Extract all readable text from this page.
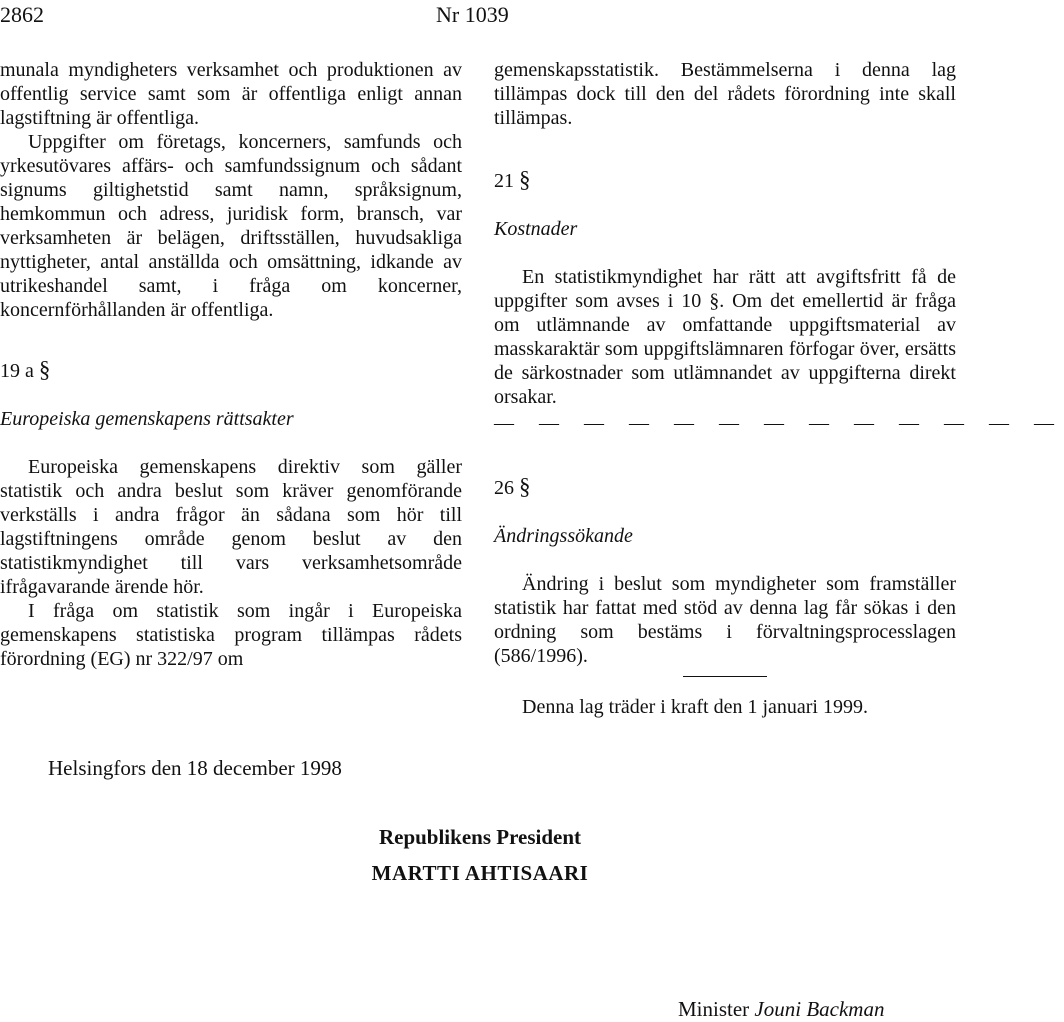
2862	Nr 1039

munala myndigheters verksamhet och produktionen av offentlig service samt som är offentliga enligt annan lagstiftning är offentliga.

Uppgifter om företags, koncerners, samfunds och yrkesutövares affärs- och samfundssignum och sådant signums giltighetstid samt namn, språksignum, hemkommun och adress, juridisk form, bransch, var verksamheten är belägen, driftsställen, huvudsakliga nyttigheter, antal anställda och omsättning, idkande av utrikeshandel samt, i fråga om koncerner, koncernförhållanden är offentliga.

19 a §

Europeiska gemenskapens rättsakter

Europeiska gemenskapens direktiv som gäller statistik och andra beslut som kräver genomförande verkställs i andra frågor än sådana som hör till lagstiftningens område genom beslut av den statistikmyndighet till vars verksamhetsområde ifrågavarande ärende hör.

I fråga om statistik som ingår i Europeiska gemenskapens statistiska program tillämpas rådets förordning (EG) nr 322/97 om

gemenskapsstatistik. Bestämmelserna i denna lag tillämpas dock till den del rådets förordning inte skall tillämpas.

21 §

Kostnader

En statistikmyndighet har rätt att avgiftsfritt få de uppgifter som avses i 10 §. Om det emellertid är fråga om utlämnande av omfattande uppgiftsmaterial av masskaraktär som uppgiftslämnaren förfogar över, ersätts de särkostnader som utlämnandet av uppgifterna direkt orsakar.

— — — — — — — — — — — — —

26 §

Ändringssökande

Ändring i beslut som myndigheter som framställer statistik har fattat med stöd av denna lag får sökas i den ordning som bestäms i förvaltningsprocesslagen (586/1996).

Denna lag träder i kraft den 1 januari 1999.

Helsingfors den 18 december 1998
Republikens President
MARTTI AHTISAARI
Minister Jouni Backman
